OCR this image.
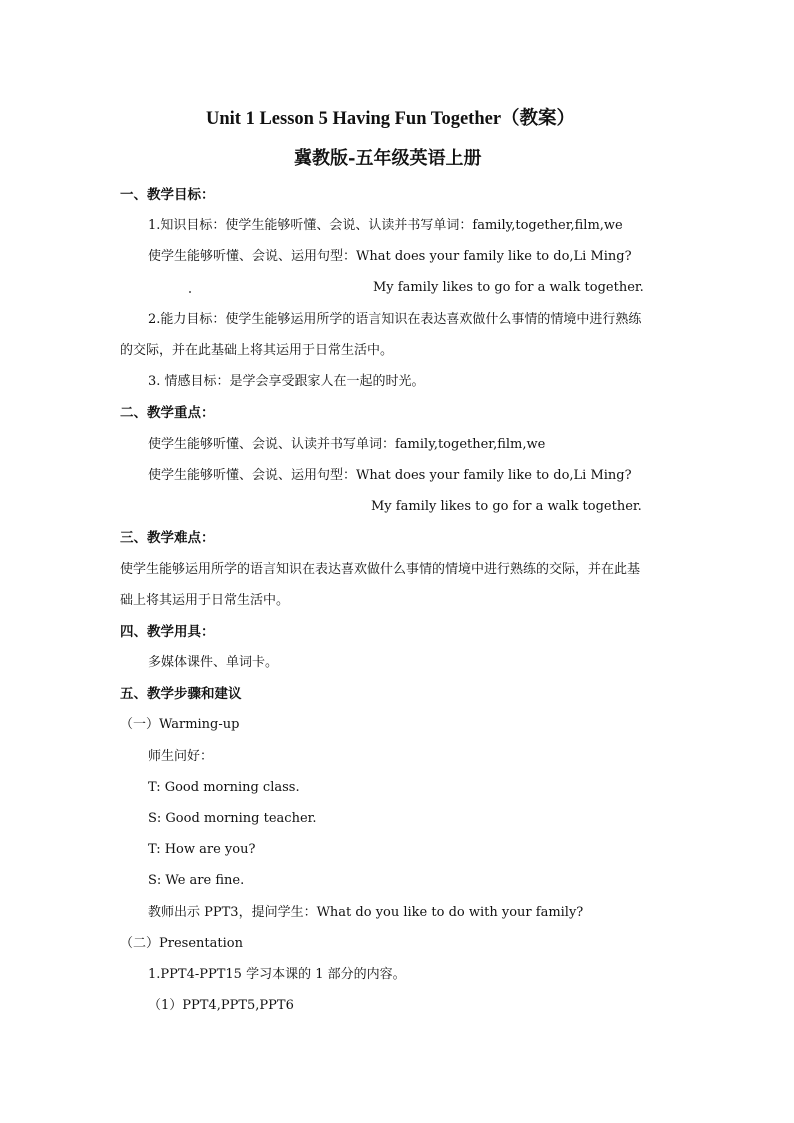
Unit 1 Lesson 5 Having Fun Together（教案）
冀教版-五年级英语上册
一、教学目标：
1.知识目标：使学生能够听懂、会说、认读并书写单词：family,together,film,we
使学生能够听懂、会说、运用句型：What does your family like to do,Li Ming?
My family likes to go for a walk together.
2.能力目标：使学生能够运用所学的语言知识在表达喜欢做什么事情的情境中进行熟练
的交际，并在此基础上将其运用于日常生活中。
3. 情感目标：是学会享受跟家人在一起的时光。
二、教学重点：
使学生能够听懂、会说、认读并书写单词：family,together,film,we
使学生能够听懂、会说、运用句型：What does your family like to do,Li Ming?
My family likes to go for a walk together.
三、教学难点：
使学生能够运用所学的语言知识在表达喜欢做什么事情的情境中进行熟练的交际，并在此基
础上将其运用于日常生活中。
四、教学用具：
多媒体课件、单词卡。
五、教学步骤和建议
（一）Warming-up
师生问好：
T: Good morning class.
S: Good morning teacher.
T: How are you?
S: We are fine.
教师出示 PPT3，提问学生：What do you like to do with your family?
（二）Presentation
1.PPT4-PPT15 学习本课的 1 部分的内容。
（1）PPT4,PPT5,PPT6
